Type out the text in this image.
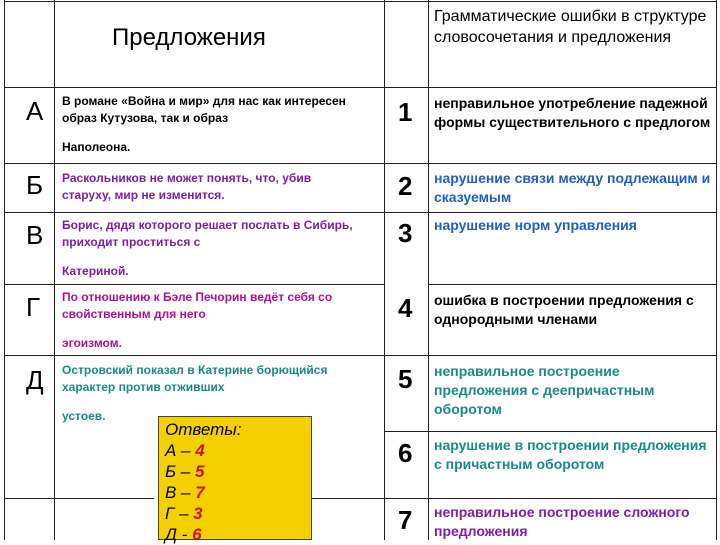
Предложения
Грамматические ошибки в структуре словосочетания и предложения
А В романе «Война и мир» для нас как интересен образ Кутузова, так и образ
Наполеона.
Б Раскольников не может понять, что, убив старуху, мир не изменится.
В Борис, дядя которого решает послать в Сибирь, приходит проститься с
Катериной.
Г По отношению к Бэле Печорин ведёт себя со свойственным для него
эгоизмом.
Д Островский показал в Катерине борющийся характер против отживших
устоев.
1 неправильное употребление падежной формы существительного с предлогом
2 нарушение связи между подлежащим и сказуемым
3 нарушение норм управления
4 ошибка в построении предложения с однородными членами
5 неправильное построение предложения с деепричастным оборотом
6 нарушение в построении предложения с причастным оборотом
7 неправильное построение сложного предложения
Ответы:
А – 4
Б – 5
В – 7
Г – 3
Д - 6
